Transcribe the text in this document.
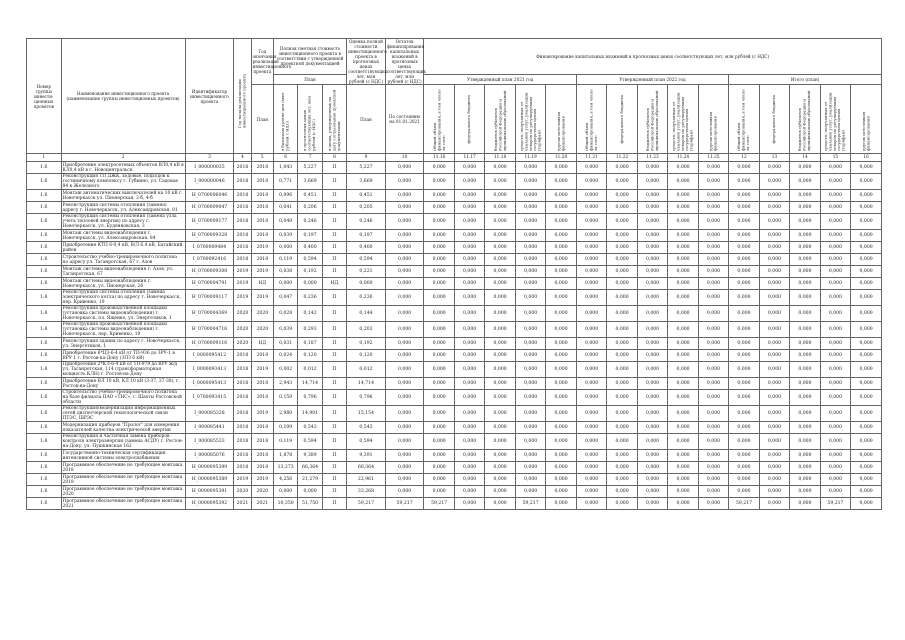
Номер группы инвести-ционных проектов	Наименование инвестиционного проекта (наименование группы инвестиционных проектов)	Идентификатор инвестиционного проекта	Год начала реализации инвестиционного проекта	Год окончания реализации инвестиционного проекта	Полная сметная стоимость инвестиционного проекта в соответствии с утвержденной проектной документацией			Оценка полной стоимости инвестиционного проекта в прогнозных ценах соответствующих лет, млн рублей (с НДС)	Остаток финансирования капитальных вложений в прогнозных ценах соответствующих лет, млн рублей (с НДС)	Финансирование капитальных вложений в прогнозных ценах соответствующих лет, млн рублей (с НДС)														
					План					Утвержденный план 2021 год					Утвержденный план 2022 год					Итого (план)				
				План	в базисном уровне цен (млн. рублей с НДС)	в прогнозных ценах соответствующих лет, млн рублей (с НДС)	в ценах, утвержденных на дату согласования проектной документации	План	По состоянию на 01.01.2021	Общий объем финансирования, в том числе за счет:	федерального бюджета	бюджетов субъектов Российской Федерации и муниципальных образований	средств, полученных от оказания услуг, реализации товаров по регулируемым государством ценам (тарифам)	других источников финансирования	Общий объем финансирования, в том числе за счет:	федерального бюджета	бюджетов субъектов Российской Федерации и муниципальных образований	средств, полученных от оказания услуг, реализации товаров по регулируемым государством ценам (тарифам)	других источников финансирования	Общий объем финансирования, в том числе за счет:	федерального бюджета	бюджетов субъектов Российской Федерации и муниципальных образований	средств, полученных от оказания услуг, реализации товаров по регулируемым государством ценам (тарифам)	других источников финансирования

1	2	3	4	5	6	7	8	9	10	11.16	11.17	11.18	11.19	11.20	11.21	11.22	11.23	11.24	11.25	12	13	14	15	16
1.6	Приобретение электросетевых объектов ВЛ0,4 кВ в КЛ0,4 кВ в г. Новоцентральск	I_000000035	2018	2018	1,043	5,227	П	5,227	0,000	0,000	0,000	0,000	0,000	0,000	0,000	0,000	0,000	0,000	0,000	0,000	0,000	0,000	0,000	0,000
1.6	Реконструкция ТП ДЖК, ходовые, подходов к гостиничному комплексу г. Губкино, ул. Садовая 84 к Железного	I_000000046	2018	2018	0,771	3,669	П	3,669	0,000	0,000	0,000	0,000	0,000	0,000	0,000	0,000	0,000	0,000	0,000	0,000	0,000	0,000	0,000	0,000
1.6	Монтаж автоматических выключателей на 10 кВ г. Новочеркасск ул. Пионерская, 2-б, 4-б	H_0700006046	2018	2018	0,096	0,451	П	0,451	0,000	0,000	0,000	0,000	0,000	0,000	0,000	0,000	0,000	0,000	0,000	0,000	0,000	0,000	0,000	0,000
1.6	Реконструкция системы отопления (замена) адресу г. Новочеркасск, ул. Александровская, 81	H_0700009047	2018	2018	0,041	0,206	П	0,205	0,000	0,000	0,000	0,000	0,000	0,000	0,000	0,000	0,000	0,000	0,000	0,000	0,000	0,000	0,000	0,000
1.6	Реконструкция системы отопления (замена узла учета тепловой энергии) по адресу г. Новочеркасск, ул. Буденновская, 3	H_0700009177	2018	2018	0,049	0,246	П	0,246	0,000	0,000	0,000	0,000	0,000	0,000	0,000	0,000	0,000	0,000	0,000	0,000	0,000	0,000	0,000	0,000
1.6	Монтаж системы видеонаблюдения г. Новочеркасск, ул. Александровская, 84	H_0700009328	2018	2018	0,039	0,197	П	0,197	0,000	0,000	0,000	0,000	0,000	0,000	0,000	0,000	0,000	0,000	0,000	0,000	0,000	0,000	0,000	0,000
1.6	Приобретение КТП 6-0,4 кВ, В/Л 6,4 кВ, Батайский район	I_0700009484	2018	2019	0,000	0,400	П	0,400	0,000	0,000	0,000	0,000	0,000	0,000	0,000	0,000	0,000	0,000	0,000	0,000	0,000	0,000	0,000	0,000
1.6	Строительство учебно-тренировочного полигона по адресу ул. Таганрогская, 67 г. Азов	I_0700092416	2018	2018	0,119	0,594	П	0,594	0,000	0,000	0,000	0,000	0,000	0,000	0,000	0,000	0,000	0,000	0,000	0,000	0,000	0,000	0,000	0,000
1.6	Монтаж системы видеонаблюдения г. Азов, ул. Таганрогская, 67	H_0700009308	2019	2019	0,038	0,192	П	0,221	0,000	0,000	0,000	0,000	0,000	0,000	0,000	0,000	0,000	0,000	0,000	0,000	0,000	0,000	0,000	0,000
1.6	Монтаж системы видеонаблюдения г. Новочеркасск, ул. Пионерская, 26	H_0700004791	2019	НД	0,000	0,000	НД	0,000	0,000	0,000	0,000	0,000	0,000	0,000	0,000	0,000	0,000	0,000	0,000	0,000	0,000	0,000	0,000	0,000
1.6	Реконструкция системы отопления (замена электрического котла) по адресу г. Новочеркасск, пер. Кривенко, 19	H_0700009117	2019	2019	0,047	0,236	П	0,236	0,000	0,000	0,000	0,000	0,000	0,000	0,000	0,000	0,000	0,000	0,000	0,000	0,000	0,000	0,000	0,000
1.6	Реконструкция производственной площадки (установка системы видеонаблюдения) г. Новочеркасск, пл. Ященко, ул. Энергетиков, 1	H_0700004369	2020	2020	0,028	0,142	П	0,144	0,000	0,000	0,000	0,000	0,000	0,000	0,000	0,000	0,000	0,000	0,000	0,000	0,000	0,000	0,000	0,000
1.6	Реконструкция производственной площадки (установка системы видеонаблюдения) г. Новочеркасск, пер. Кривенко, 19	H_0700004716	2020	2020	0,039	0,293	П	0,203	0,000	0,000	0,000	0,000	0,000	0,000	0,000	0,000	0,000	0,000	0,000	0,000	0,000	0,000	0,000	0,000
1.6	Реконструкция здания по адресу г. Новочеркасск, ул. Энергетиков, 1	H_0700009116	2020	НД	0,031	0,187	П	0,192	0,000	0,000	0,000	0,000	0,000	0,000	0,000	0,000	0,000	0,000	0,000	0,000	0,000	0,000	0,000	0,000
1.6	Приобретение 6*ЦЗ-6-4 кВ от ТП-936 до ЗРУ-1 в ВРУ 1 г. Ростов-на-Дону (ЗПЗ 6 кВ)	I_0000095412	2018	2018	0,024	0,120	П	0,120	0,000	0,000	0,000	0,000	0,000	0,000	0,000	0,000	0,000	0,000	0,000	0,000	0,000	0,000	0,000	0,000
1.6	Приобретение 2*КЛ-6-4 кВ от ТП-979 до ВРУ ж/д ул. Таганрогская, 114 (трансформаторная мощность КЛН) г. Ростов-на-Дону	I_0000093413	2018	2019	0,002	0,012	П	0,012	0,000	0,000	0,000	0,000	0,000	0,000	0,000	0,000	0,000	0,000	0,000	0,000	0,000	0,000	0,000	0,000
1.6	Приобретение ВЛ 10 кВ, КЛ 10 кВ (3-37, 37-38), г. Ростов-на-Дону	I_0000095413	2018	2018	2,943	14,714	П	14,714	0,000	0,000	0,000	0,000	0,000	0,000	0,000	0,000	0,000	0,000	0,000	0,000	0,000	0,000	0,000	0,000
1.6	Строительство учебно-тренировочного полигона на базе филиала ПАО «ТНС», г. Шахты Ростовской области	I_0700093415	2018	2018	0,159	0,796	П	0,796	0,000	0,000	0,000	0,000	0,000	0,000	0,000	0,000	0,000	0,000	0,000	0,000	0,000	0,000	0,000	0,000
1.6	Реконструкция/модернизация информационных сетей диспетчерской технологической связи ПТЭС, ШРЭС	I_000085328	2018	2019	2,980	14,901	П	15,154	0,000	0,000	0,000	0,000	0,000	0,000	0,000	0,000	0,000	0,000	0,000	0,000	0,000	0,000	0,000	0,000
1.6	Модернизация приборов "Пролог" для измерения показателей качества электрической энергии	I_000085441	2018	2018	0,109	0,543	П	0,543	0,000	0,000	0,000	0,000	0,000	0,000	0,000	0,000	0,000	0,000	0,000	0,000	0,000	0,000	0,000	0,000
1.6	Реконструкция и частичная замена приборов контроля электроэнергии (замена АСДУ) г. Ростов-на-Дону, ул. Пушкинская 162	I_000085533	2018	2018	0,119	0,594	П	0,594	0,000	0,000	0,000	0,000	0,000	0,000	0,000	0,000	0,000	0,000	0,000	0,000	0,000	0,000	0,000	0,000
1.6	Государственно-техническая сертификация интенсивной системы электроснабжения	I_000085076	2018	2018	1,878	9,389	П	9,391	0,000	0,000	0,000	0,000	0,000	0,000	0,000	0,000	0,000	0,000	0,000	0,000	0,000	0,000	0,000	0,000
1.6	Программное обеспечение не требующее монтажа 2018	H_0000095399	2018	2018	13,273	66,364	П	66,364	0,000	0,000	0,000	0,000	0,000	0,000	0,000	0,000	0,000	0,000	0,000	0,000	0,000	0,000	0,000	0,000
1.6	Программное обеспечение не требующее монтажа 2019	H_0000095389	2019	2019	4,256	21,279	П	22,961	0,000	0,000	0,000	0,000	0,000	0,000	0,000	0,000	0,000	0,000	0,000	0,000	0,000	0,000	0,000	0,000
1.6	Программное обеспечение не требующее монтажа 2020	H_0000095391	2020	2020	0,000	0,000	П	33,268	0,000	0,000	0,000	0,000	0,000	0,000	0,000	0,000	0,000	0,000	0,000	0,000	0,000	0,000	0,000	0,000
1.6	Программное обеспечение не требующее монтажа 2021	H_0000095392	2021	2021	10,350	51,750	П	59,217	59,217	59,217	0,000	0,000	59,217	0,000	0,000	0,000	0,000	0,000	0,000	59,217	0,000	0,000	59,217	0,000
